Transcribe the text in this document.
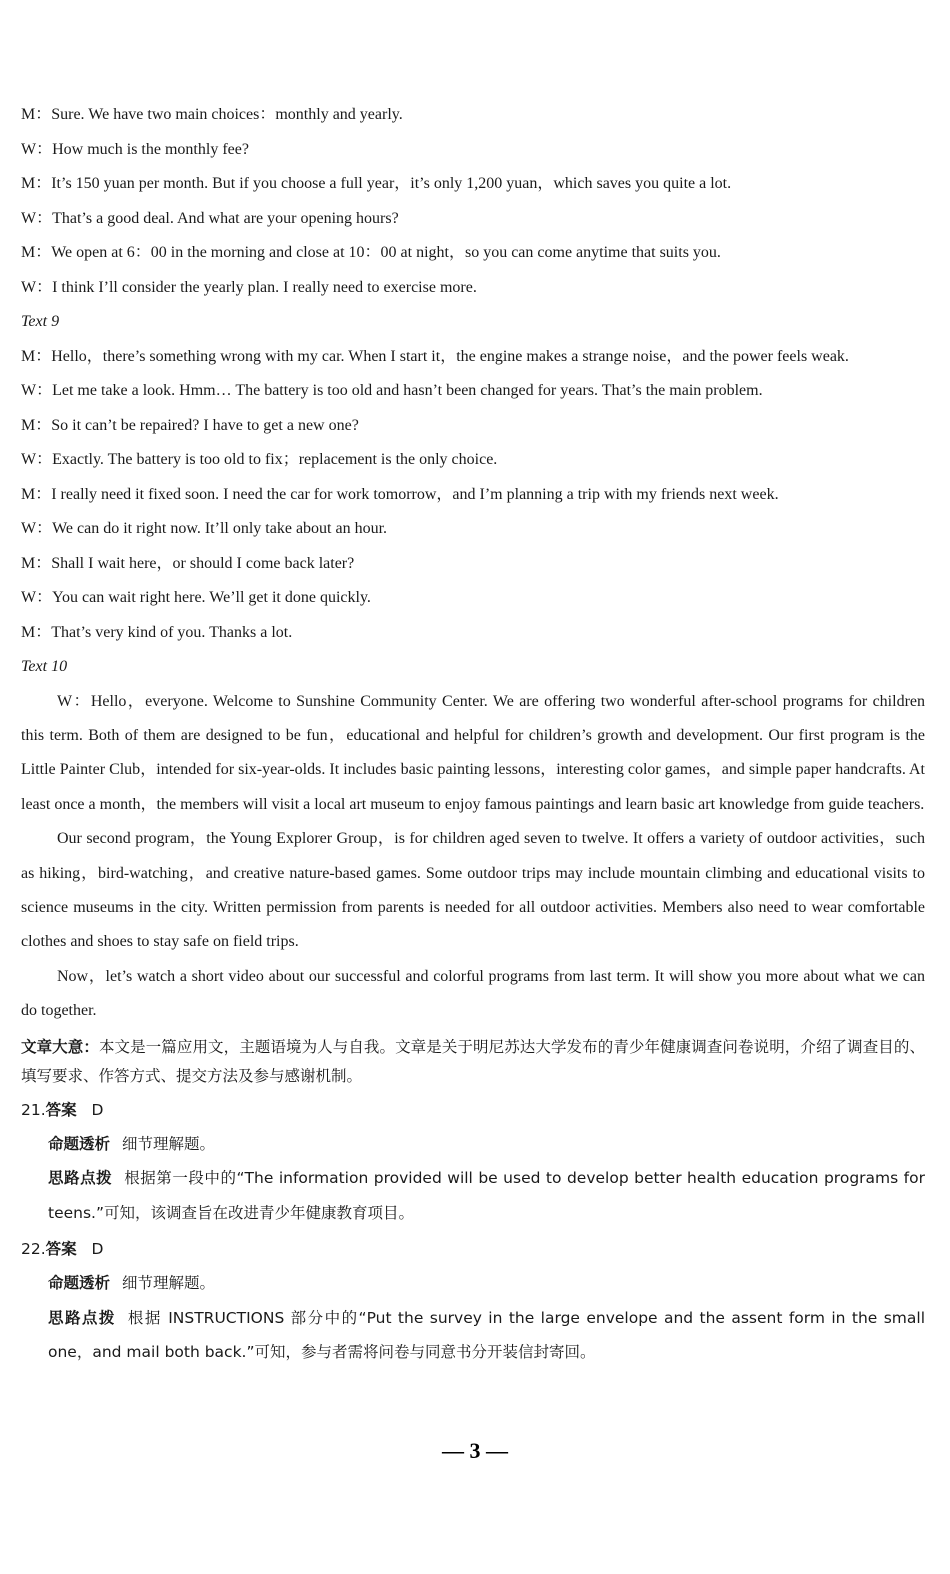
M：Sure. We have two main choices：monthly and yearly.
W：How much is the monthly fee?
M：It’s 150 yuan per month. But if you choose a full year，it’s only 1,200 yuan，which saves you quite a lot.
W：That’s a good deal. And what are your opening hours?
M：We open at 6：00 in the morning and close at 10：00 at night，so you can come anytime that suits you.
W：I think I’ll consider the yearly plan. I really need to exercise more.
Text 9
M：Hello，there’s something wrong with my car. When I start it，the engine makes a strange noise，and the power feels weak.
W：Let me take a look. Hmm… The battery is too old and hasn’t been changed for years. That’s the main problem.
M：So it can’t be repaired? I have to get a new one?
W：Exactly. The battery is too old to fix；replacement is the only choice.
M：I really need it fixed soon. I need the car for work tomorrow，and I’m planning a trip with my friends next week.
W：We can do it right now. It’ll only take about an hour.
M：Shall I wait here，or should I come back later?
W：You can wait right here. We’ll get it done quickly.
M：That’s very kind of you. Thanks a lot.
Text 10
W：Hello，everyone. Welcome to Sunshine Community Center. We are offering two wonderful after-school programs for children this term. Both of them are designed to be fun，educational and helpful for children’s growth and development. Our first program is the Little Painter Club，intended for six-year-olds. It includes basic painting lessons，interesting color games，and simple paper handcrafts. At least once a month，the members will visit a local art museum to enjoy famous paintings and learn basic art knowledge from guide teachers.
Our second program，the Young Explorer Group，is for children aged seven to twelve. It offers a variety of outdoor activities，such as hiking，bird-watching，and creative nature-based games. Some outdoor trips may include mountain climbing and educational visits to science museums in the city. Written permission from parents is needed for all outdoor activities. Members also need to wear comfortable clothes and shoes to stay safe on field trips.
Now，let’s watch a short video about our successful and colorful programs from last term. It will show you more about what we can do together.
文章大意：本文是一篇应用文，主题语境为人与自我。文章是关于明尼苏达大学发布的青少年健康调查问卷说明，介绍了调查目的、填写要求、作答方式、提交方法及参与感谢机制。
21.答案 D
命题透析 细节理解题。
思路点拨 根据第一段中的“The information provided will be used to develop better health education programs for teens.”可知，该调查旨在改进青少年健康教育项目。
22.答案 D
命题透析 细节理解题。
思路点拨 根据 INSTRUCTIONS 部分中的“Put the survey in the large envelope and the assent form in the small one，and mail both back.”可知，参与者需将问卷与同意书分开装信封寄回。
— 3 —
